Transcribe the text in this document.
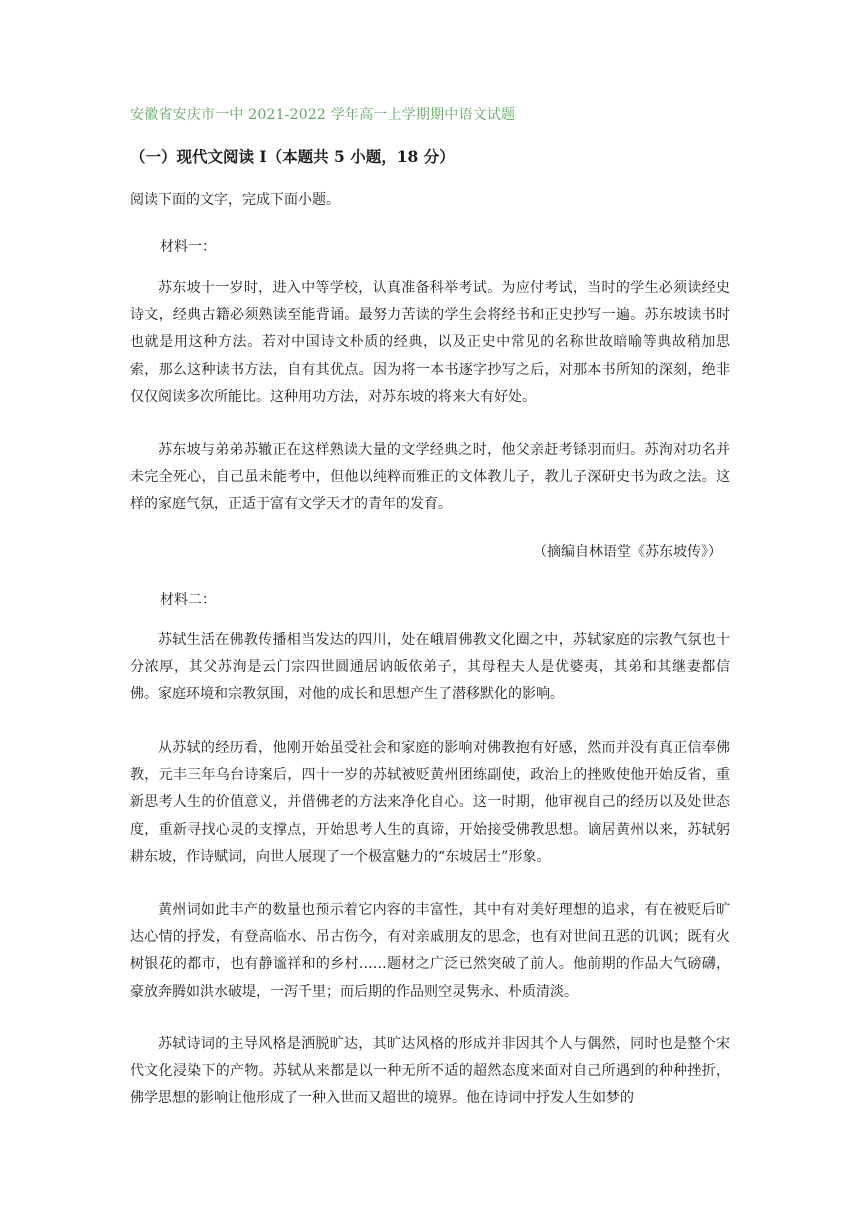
安徽省安庆市一中 2021-2022 学年高一上学期期中语文试题
（一）现代文阅读 I（本题共 5 小题，18 分）
阅读下面的文字，完成下面小题。
材料一：
苏东坡十一岁时，进入中等学校，认真准备科举考试。为应付考试，当时的学生必须读经史诗文，经典古籍必须熟读至能背诵。最努力苦读的学生会将经书和正史抄写一遍。苏东坡读书时也就是用这种方法。若对中国诗文朴质的经典，以及正史中常见的名称世故暗喻等典故稍加思索，那么这种读书方法，自有其优点。因为将一本书逐字抄写之后，对那本书所知的深刻，绝非仅仅阅读多次所能比。这种用功方法，对苏东坡的将来大有好处。
苏东坡与弟弟苏辙正在这样熟读大量的文学经典之时，他父亲赶考铩羽而归。苏洵对功名并未完全死心，自己虽未能考中，但他以纯粹而雅正的文体教儿子，教儿子深研史书为政之法。这样的家庭气氛，正适于富有文学天才的青年的发育。
（摘编自林语堂《苏东坡传》）
材料二：
苏轼生活在佛教传播相当发达的四川，处在峨眉佛教文化圈之中，苏轼家庭的宗教气氛也十分浓厚，其父苏洵是云门宗四世圆通居讷皈依弟子，其母程夫人是优婆夷，其弟和其继妻都信佛。家庭环境和宗教氛围，对他的成长和思想产生了潜移默化的影响。
从苏轼的经历看，他刚开始虽受社会和家庭的影响对佛教抱有好感，然而并没有真正信奉佛教，元丰三年乌台诗案后，四十一岁的苏轼被贬黄州团练副使，政治上的挫败使他开始反省，重新思考人生的价值意义，并借佛老的方法来净化自心。这一时期，他审视自己的经历以及处世态度，重新寻找心灵的支撑点，开始思考人生的真谛，开始接受佛教思想。谪居黄州以来，苏轼躬耕东坡，作诗赋词，向世人展现了一个极富魅力的“东坡居士”形象。
黄州词如此丰产的数量也预示着它内容的丰富性，其中有对美好理想的追求，有在被贬后旷达心情的抒发，有登高临水、吊古伤今，有对亲戚朋友的思念，也有对世间丑恶的讥讽；既有火树银花的都市，也有静谧祥和的乡村……题材之广泛已然突破了前人。他前期的作品大气磅礴，豪放奔腾如洪水破堤，一泻千里；而后期的作品则空灵隽永、朴质清淡。
苏轼诗词的主导风格是洒脱旷达，其旷达风格的形成并非因其个人与偶然，同时也是整个宋代文化浸染下的产物。苏轼从来都是以一种无所不适的超然态度来面对自己所遇到的种种挫折，佛学思想的影响让他形成了一种入世而又超世的境界。他在诗词中抒发人生如梦的
